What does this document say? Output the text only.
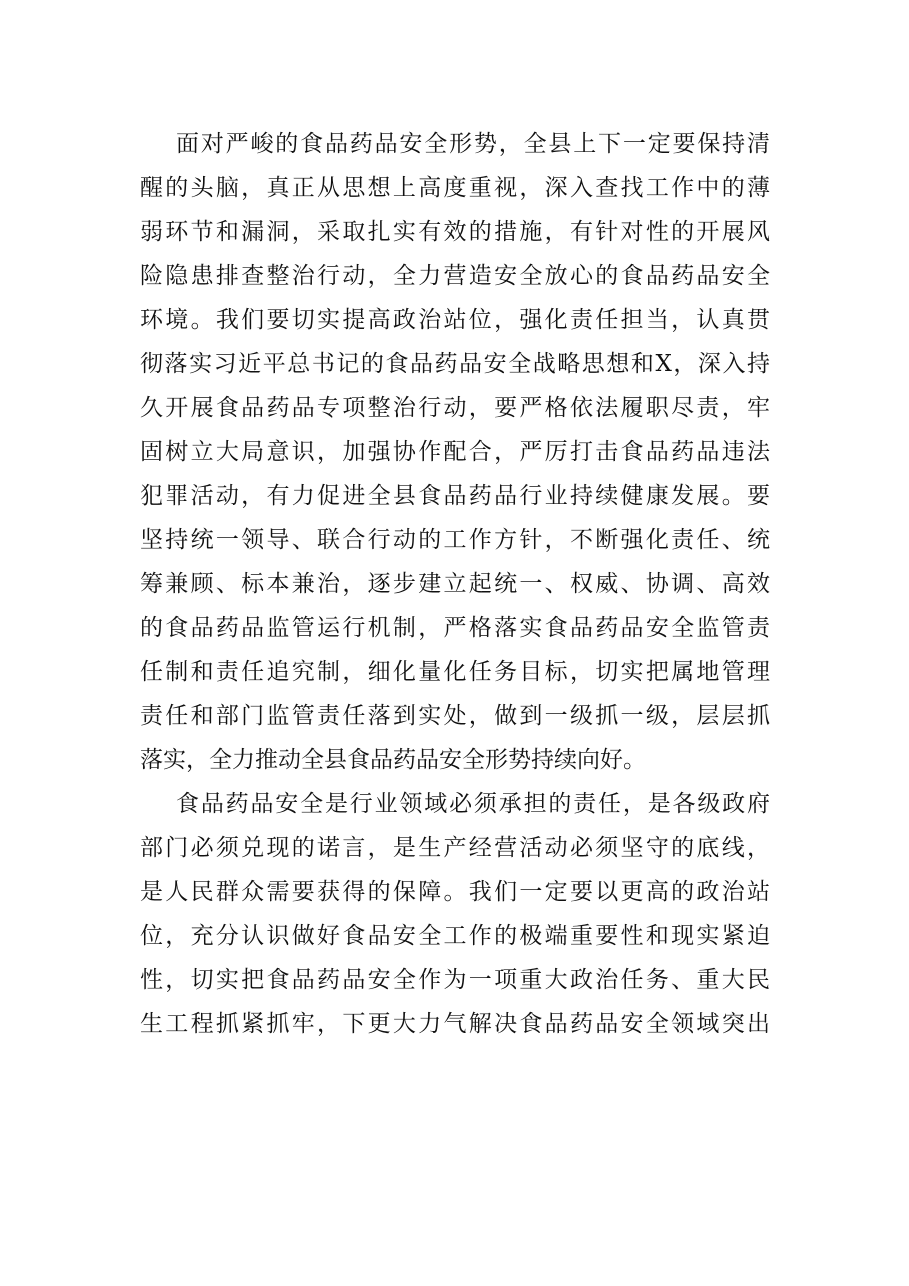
面对严峻的食品药品安全形势，全县上下一定要保持清
醒的头脑，真正从思想上高度重视，深入查找工作中的薄
弱环节和漏洞，采取扎实有效的措施，有针对性的开展风
险隐患排查整治行动，全力营造安全放心的食品药品安全
环境。我们要切实提高政治站位，强化责任担当，认真贯
彻落实习近平总书记的食品药品安全战略思想和X，深入持
久开展食品药品专项整治行动，要严格依法履职尽责，牢
固树立大局意识，加强协作配合，严厉打击食品药品违法
犯罪活动，有力促进全县食品药品行业持续健康发展。要
坚持统一领导、联合行动的工作方针，不断强化责任、统
筹兼顾、标本兼治，逐步建立起统一、权威、协调、高效
的食品药品监管运行机制，严格落实食品药品安全监管责
任制和责任追究制，细化量化任务目标，切实把属地管理
责任和部门监管责任落到实处，做到一级抓一级，层层抓
落实，全力推动全县食品药品安全形势持续向好。
食品药品安全是行业领域必须承担的责任，是各级政府
部门必须兑现的诺言，是生产经营活动必须坚守的底线，
是人民群众需要获得的保障。我们一定要以更高的政治站
位，充分认识做好食品安全工作的极端重要性和现实紧迫
性，切实把食品药品安全作为一项重大政治任务、重大民
生工程抓紧抓牢，下更大力气解决食品药品安全领域突出
